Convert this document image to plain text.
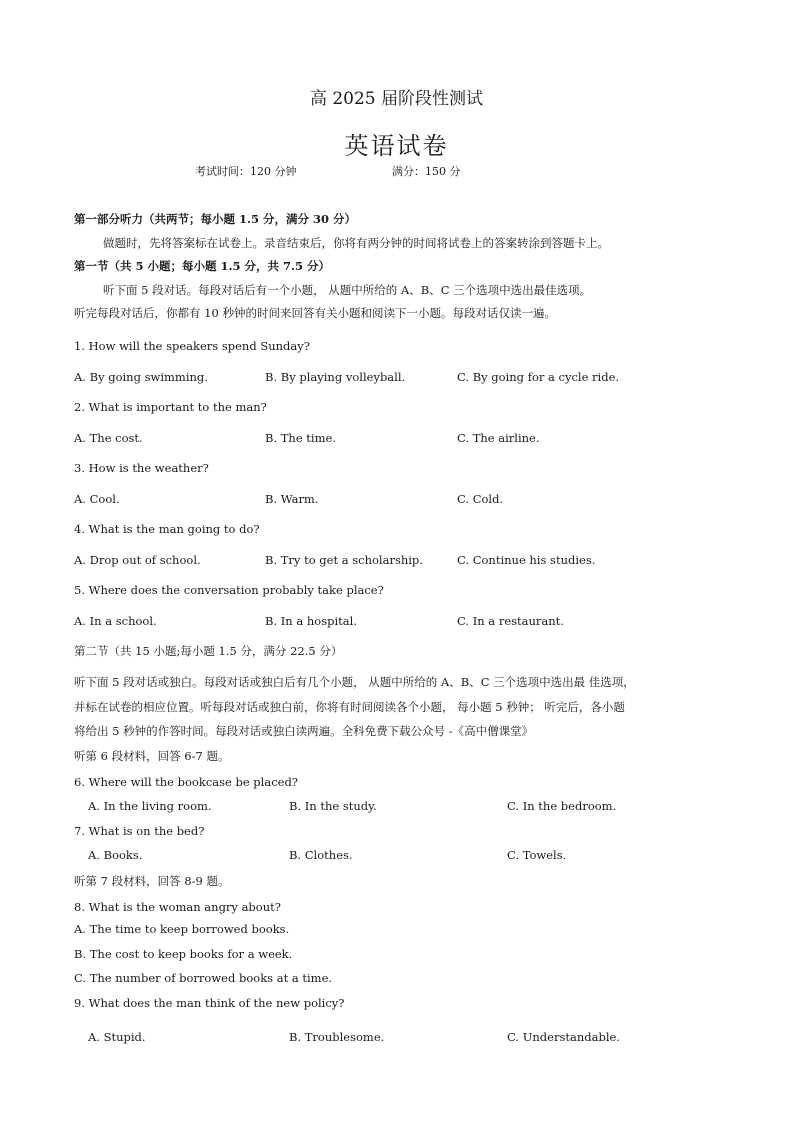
高 2025 届阶段性测试
英语试卷
考试时间：120 分钟	满分：150 分
第一部分听力（共两节；每小题 1.5 分，满分 30 分）
做题时，先将答案标在试卷上。录音结束后，你将有两分钟的时间将试卷上的答案转涂到答题卡上。
第一节（共 5 小题；每小题 1.5 分，共 7.5 分）
听下面 5 段对话。每段对话后有一个小题， 从题中所给的 A、B、C 三个选项中选出最佳选项。
听完每段对话后，你都有 10 秒钟的时间来回答有关小题和阅读下一小题。每段对话仅读一遍。
1. How will the speakers spend Sunday?
A. By going swimming.	B. By playing volleyball.	C. By going for a cycle ride.
2. What is important to the man?
A. The cost.	B. The time.	C. The airline.
3. How is the weather?
A. Cool.	B. Warm.	C. Cold.
4. What is the man going to do?
A. Drop out of school.	B. Try to get a scholarship.	C. Continue his studies.
5. Where does the conversation probably take place?
A. In a school.	B. In a hospital.	C. In a restaurant.
第二节（共 15 小题;每小题 1.5 分，满分 22.5 分）
听下面 5 段对话或独白。每段对话或独白后有几个小题， 从题中所给的 A、B、C 三个选项中选出最 佳选项，
并标在试卷的相应位置。听每段对话或独白前，你将有时间阅读各个小题， 每小题 5 秒钟； 听完后，各小题
将给出 5 秒钟的作答时间。每段对话或独白读两遍。全科免费下载公众号 -《高中僧课堂》
听第 6 段材料，回答 6-7 题。
6. Where will the bookcase be placed?
A. In the living room.	B. In the study.	C. In the bedroom.
7. What is on the bed?
A. Books.	B. Clothes.	C. Towels.
听第 7 段材料，回答 8-9 题。
8. What is the woman angry about?
A. The time to keep borrowed books.
B. The cost to keep books for a week.
C. The number of borrowed books at a time.
9. What does the man think of the new policy?
A. Stupid.	B. Troublesome.	C. Understandable.
